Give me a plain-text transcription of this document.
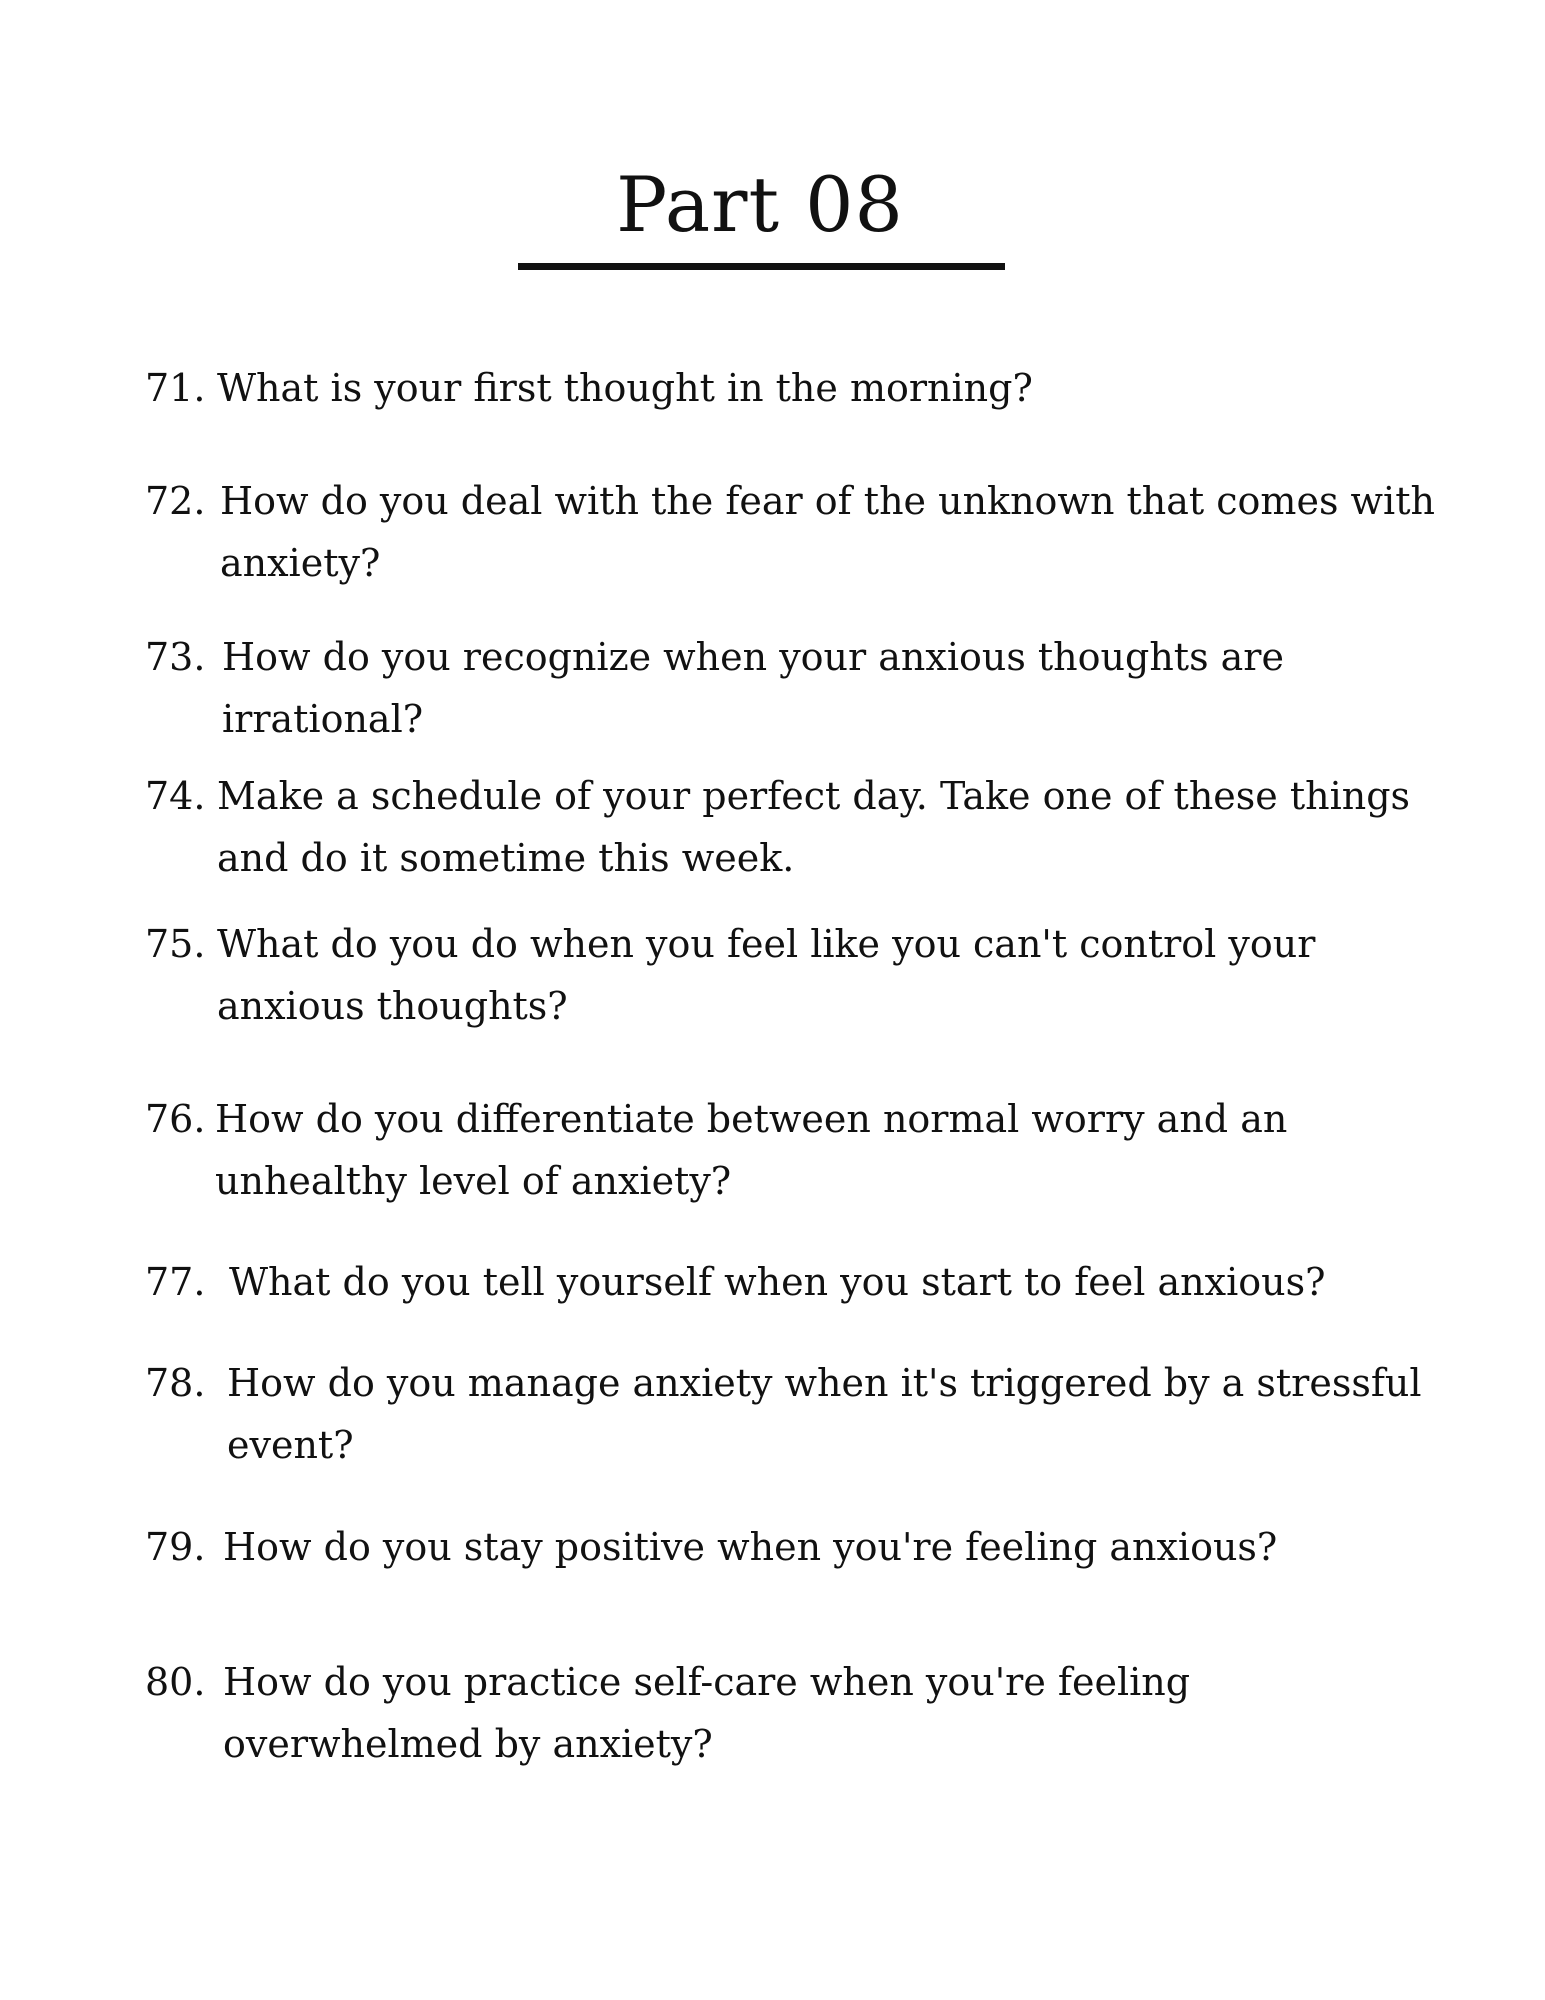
Part 08
71. What is your first thought in the morning?
72. How do you deal with the fear of the unknown that comes with anxiety?
73. How do you recognize when your anxious thoughts are irrational?
74. Make a schedule of your perfect day. Take one of these things and do it sometime this week.
75. What do you do when you feel like you can't control your anxious thoughts?
76. How do you differentiate between normal worry and an unhealthy level of anxiety?
77. What do you tell yourself when you start to feel anxious?
78. How do you manage anxiety when it's triggered by a stressful event?
79. How do you stay positive when you're feeling anxious?
80. How do you practice self-care when you're feeling overwhelmed by anxiety?
